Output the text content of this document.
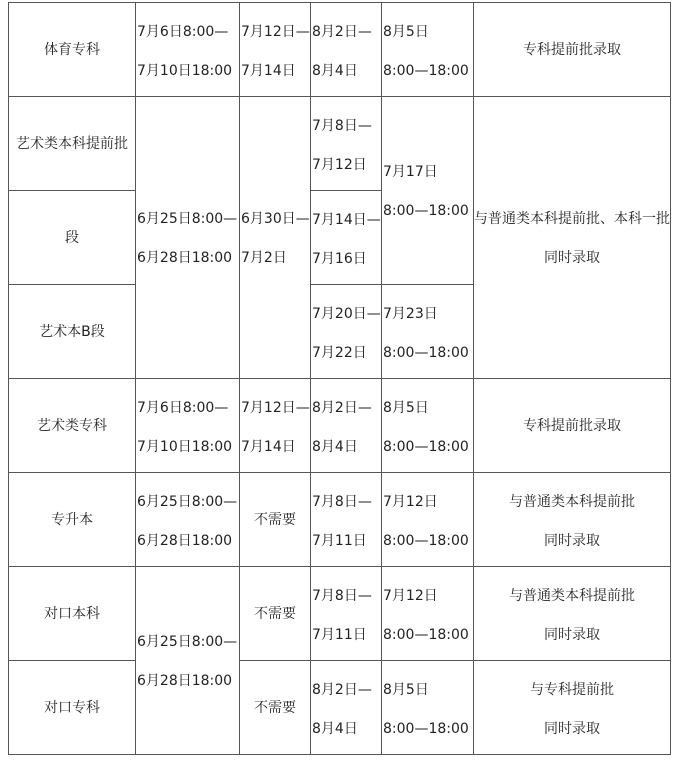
体育专科
7月6日8:00—
7月10日18:00
7月12日—
7月14日
8月2日—
8月4日
8月5日
8:00—18:00
专科提前批录取
艺术类本科提前批
段
艺术本B段
6月25日8:00—
6月28日18:00
6月30日—
7月2日
7月8日—
7月12日
7月14日—
7月16日
7月17日
8:00—18:00
7月20日—
7月22日
7月23日
8:00—18:00
与普通类本科提前批、本科一批
同时录取
艺术类专科
7月6日8:00—
7月10日18:00
7月12日—
7月14日
8月2日—
8月4日
8月5日
8:00—18:00
专科提前批录取
专升本
6月25日8:00—
6月28日18:00
不需要
7月8日—
7月11日
7月12日
8:00—18:00
与普通类本科提前批
同时录取
对口本科
6月25日8:00—
6月28日18:00
不需要
7月8日—
7月11日
7月12日
8:00—18:00
与普通类本科提前批
同时录取
对口专科	不需要
8月2日—
8月4日
8月5日
8:00—18:00
与专科提前批
同时录取
